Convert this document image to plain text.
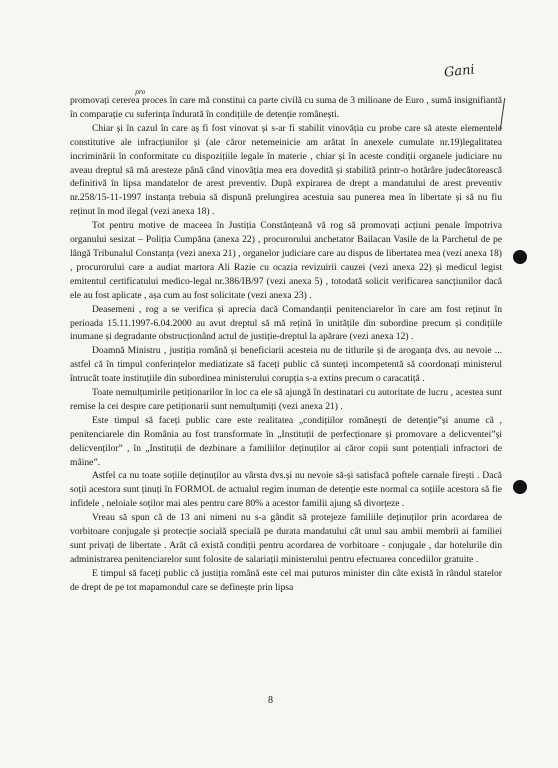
Gani
pro

promovați cererea proces în care mă constitui ca parte civilă cu suma de 3 milioane de Euro , sumă insignifiantă în comparație cu suferința îndurată în condițiile de detenție românești.

Chiar și în cazul în care aș fi fost vinovat și s-ar fi stabilit vinovăția cu probe care să ateste elementele constitutive ale infracțiunilor și (ale căror netemeinicie am arătat în anexele cumulate nr.19)legalitatea incriminării în conformitate cu dispozițiile legale în materie , chiar și în aceste condiții organele judiciare nu aveau dreptul să mă aresteze până când vinovăția mea era dovedită și stabilită printr-o hotărâre judecătorească definitivă în lipsa mandatelor de arest preventiv. După expirarea de drept a mandatului de arest preventiv nr.258/15-11-1997 instanța trebuia să dispună prelungirea acestuia sau punerea mea în libertate și să nu fiu reținut în mod ilegal (vezi anexa 18) .

Tot pentru motive de maceea în Justiția Constănțeană vă rog să promovați acțiuni penale împotriva organului sesizat – Poliția Cumpăna (anexa 22) , procurorului anchetator Bailacan Vasile de la Parchetul de pe lângă Tribunalul Constanța (vezi anexa 21) , organelor judiciare care au dispus de libertatea mea (vezi anexa 18) , procurorului care a audiat martora Ali Razie cu ocazia revizuirii cauzei (vezi anexa 22) și medicul legist emitentul certificatului medico-legal nr.386/IB/97 (vezi anexa 5) , totodată solicit verificarea sancțiunilor dacă ele au fost aplicate , așa cum au fost solicitate (vezi anexa 23) .

Deasemeni , rog a se verifica și aprecia dacă Comandanții penitenciarelor în care am fost reținut în perioada 15.11.1997-6.04.2000 au avut dreptul să mă rețină în unitățile din subordine precum și condițiile inumane și degradante obstrucționând actul de justiție-dreptul la apărare (vezi anexa 12) .

Doamnă Ministru , justiția română și beneficiarii acesteia nu de titlurile și de aroganța dvs. au nevoie ... astfel că în timpul conferințelor mediatizate să faceți public că sunteți incompetentă să coordonați ministerul întrucât toate instituțiile din subordinea ministerului corupția s-a extins precum o caracatiță .

Toate nemulțumirile petiționarilor în loc ca ele să ajungă în destinatari cu autoritate de lucru , acestea sunt remise la cei despre care petiționarii sunt nemulțumiți (vezi anexa 21) .

Este timpul să faceți public care este realitatea „condițiilor românești de detenție”și anume că , penitenciarele din România au fost transformate în „Instituții de perfecționare și promovare a delicventei”și delicvenților” , în „Instituții de dezbinare a familiilor deținuților ai căror copii sunt potențiali infractori de mâine”.

Astfel ca nu toate soțiile deținuților au vârsta dvs.și nu nevoie să-și satisfacă poftele carnale firești . Dacă soții acestora sunt ținuți în FORMOL de actualul regim inuman de detenție este normal ca soțiile acestora să fie infidele , neloiale soților mai ales pentru care 80% a acestor familii ajung să divorțeze .

Vreau să spun că de 13 ani nimeni nu s-a gândit să protejeze familiile deținuților prin acordarea de vorbitoare conjugale și protecție socială specială pe durata mandatului cât unul sau ambii membrii ai familiei sunt privați de libertate . Arăt că există condiții pentru acordarea de vorbitoare - conjugale , dar hotelurile din administrarea penitenciarelor sunt folosite de salariații ministerului pentru efectuarea concediilor gratuite .

E timpul să faceți public că justiția română este cel mai puturos minister din câte există în rândul statelor de drept de pe tot mapamondul care se definește prin lipsa

8
